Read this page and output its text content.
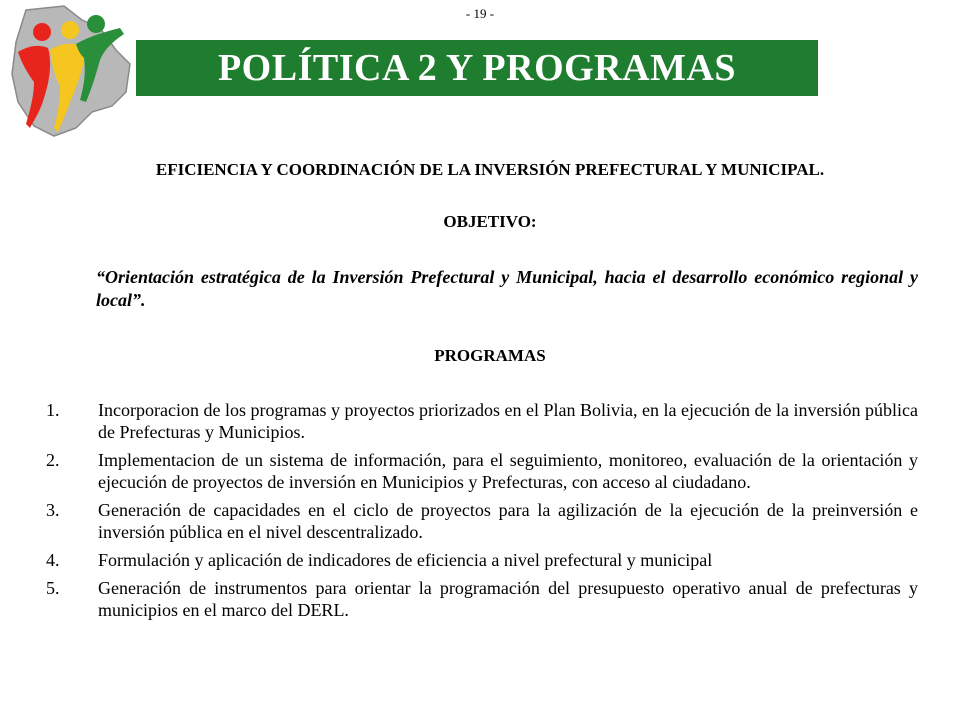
- 19 -
POLÍTICA 2 Y PROGRAMAS
EFICIENCIA Y COORDINACIÓN DE LA INVERSIÓN PREFECTURAL Y MUNICIPAL.
OBJETIVO:
“Orientación estratégica de la Inversión Prefectural y Municipal, hacia el desarrollo económico regional y local”.
PROGRAMAS
1.	Incorporacion de los programas y proyectos priorizados en el Plan Bolivia, en la ejecución de la inversión pública de Prefecturas y Municipios.
2.	Implementacion de un sistema de información, para el seguimiento, monitoreo, evaluación de la orientación y ejecución de proyectos de inversión en Municipios y Prefecturas, con acceso al ciudadano.
3.	Generación de capacidades en el ciclo de proyectos para la agilización de la ejecución de la preinversión e inversión pública en el nivel descentralizado.
4.	Formulación y aplicación de indicadores de eficiencia a nivel prefectural y municipal
5.	Generación de instrumentos para orientar la programación del presupuesto operativo anual de prefecturas y municipios en el marco del DERL.
